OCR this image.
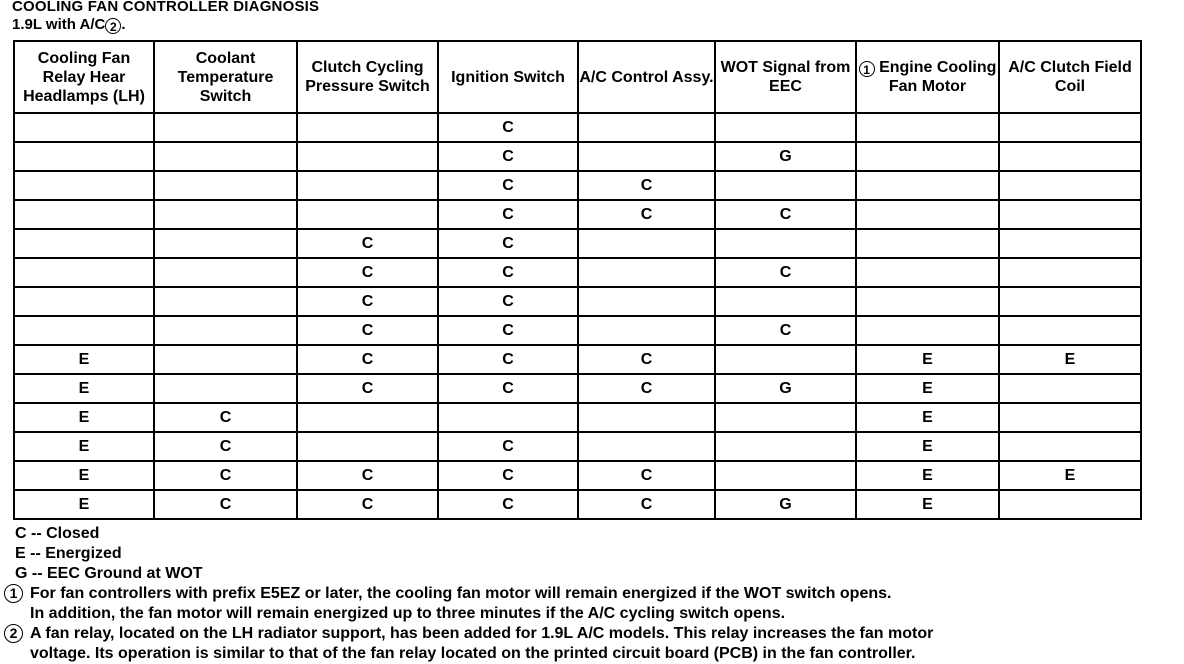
COOLING FAN CONTROLLER DIAGNOSIS
1.9L with A/C 2 .
Cooling Fan Relay Hear Headlamps (LH)	Coolant Temperature Switch	Clutch Cycling Pressure Switch	Ignition Switch	A/C Control Assy.	WOT Signal from EEC	1 Engine Cooling Fan Motor	A/C Clutch Field Coil
			C				
			C		G		
			C	C			
			C	C	C		
		C	C				
		C	C		C		
		C	C				
		C	C		C		
E		C	C	C		E	E
E		C	C	C	G	E	
E	C					E	
E	C		C			E	
E	C	C	C	C		E	E
E	C	C	C	C	G	E	
C -- Closed
E -- Energized
G -- EEC Ground at WOT
1 For fan controllers with prefix E5EZ or later, the cooling fan motor will remain energized if the WOT switch opens.
In addition, the fan motor will remain energized up to three minutes if the A/C cycling switch opens.
2 A fan relay, located on the LH radiator support, has been added for 1.9L A/C models. This relay increases the fan motor
voltage. Its operation is similar to that of the fan relay located on the printed circuit board (PCB) in the fan controller.
